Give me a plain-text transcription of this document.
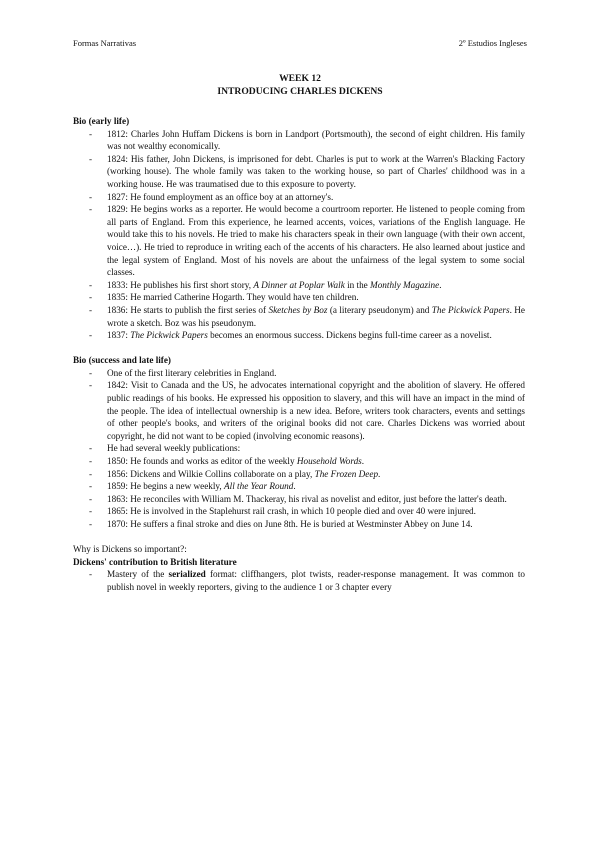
Formas Narrativas	2º Estudios Ingleses
WEEK 12
INTRODUCING CHARLES DICKENS
Bio (early life)
- 1812: Charles John Huffam Dickens is born in Landport (Portsmouth), the second of eight children. His family was not wealthy economically.
- 1824: His father, John Dickens, is imprisoned for debt. Charles is put to work at the Warren's Blacking Factory (working house). The whole family was taken to the working house, so part of Charles' childhood was in a working house. He was traumatised due to this exposure to poverty.
- 1827: He found employment as an office boy at an attorney's.
- 1829: He begins works as a reporter. He would become a courtroom reporter. He listened to people coming from all parts of England. From this experience, he learned accents, voices, variations of the English language. He would take this to his novels. He tried to make his characters speak in their own language (with their own accent, voice…). He tried to reproduce in writing each of the accents of his characters. He also learned about justice and the legal system of England. Most of his novels are about the unfairness of the legal system to some social classes.
- 1833: He publishes his first short story, A Dinner at Poplar Walk in the Monthly Magazine.
- 1835: He married Catherine Hogarth. They would have ten children.
- 1836: He starts to publish the first series of Sketches by Boz (a literary pseudonym) and The Pickwick Papers. He wrote a sketch. Boz was his pseudonym.
- 1837: The Pickwick Papers becomes an enormous success. Dickens begins full-time career as a novelist.
Bio (success and late life)
- One of the first literary celebrities in England.
- 1842: Visit to Canada and the US, he advocates international copyright and the abolition of slavery. He offered public readings of his books. He expressed his opposition to slavery, and this will have an impact in the mind of the people. The idea of intellectual ownership is a new idea. Before, writers took characters, events and settings of other people's books, and writers of the original books did not care. Charles Dickens was worried about copyright, he did not want to be copied (involving economic reasons).
- He had several weekly publications:
- 1850: He founds and works as editor of the weekly Household Words.
- 1856: Dickens and Wilkie Collins collaborate on a play, The Frozen Deep.
- 1859: He begins a new weekly, All the Year Round.
- 1863: He reconciles with William M. Thackeray, his rival as novelist and editor, just before the latter's death.
- 1865: He is involved in the Staplehurst rail crash, in which 10 people died and over 40 were injured.
- 1870: He suffers a final stroke and dies on June 8th. He is buried at Westminster Abbey on June 14.
Why is Dickens so important?:
Dickens' contribution to British literature
- Mastery of the serialized format: cliffhangers, plot twists, reader-response management. It was common to publish novel in weekly reporters, giving to the audience 1 or 3 chapter every
